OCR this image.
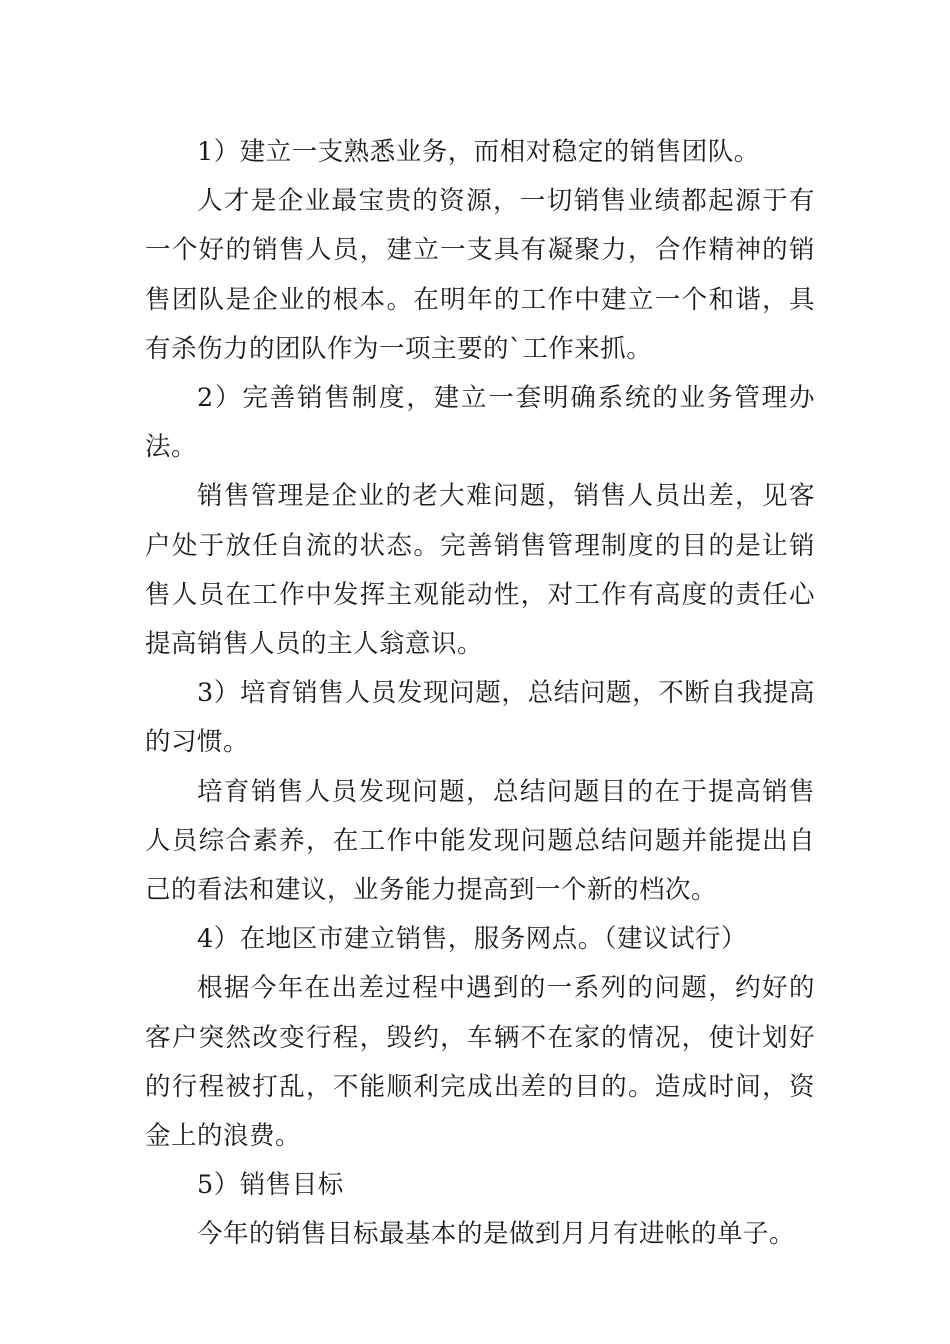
1）建立一支熟悉业务，而相对稳定的销售团队。

人才是企业最宝贵的资源，一切销售业绩都起源于有一个好的销售人员，建立一支具有凝聚力，合作精神的销售团队是企业的根本。在明年的工作中建立一个和谐，具有杀伤力的团队作为一项主要的`工作来抓。

2）完善销售制度，建立一套明确系统的业务管理办法。

销售管理是企业的老大难问题，销售人员出差，见客户处于放任自流的状态。完善销售管理制度的目的是让销售人员在工作中发挥主观能动性，对工作有高度的责任心提高销售人员的主人翁意识。

3）培育销售人员发现问题，总结问题，不断自我提高的习惯。

培育销售人员发现问题，总结问题目的在于提高销售人员综合素养，在工作中能发现问题总结问题并能提出自己的看法和建议，业务能力提高到一个新的档次。

4）在地区市建立销售，服务网点。（建议试行）

根据今年在出差过程中遇到的一系列的问题，约好的客户突然改变行程，毁约，车辆不在家的情况，使计划好的行程被打乱，不能顺利完成出差的目的。造成时间，资金上的浪费。

5）销售目标

今年的销售目标最基本的是做到月月有进帐的单子。
